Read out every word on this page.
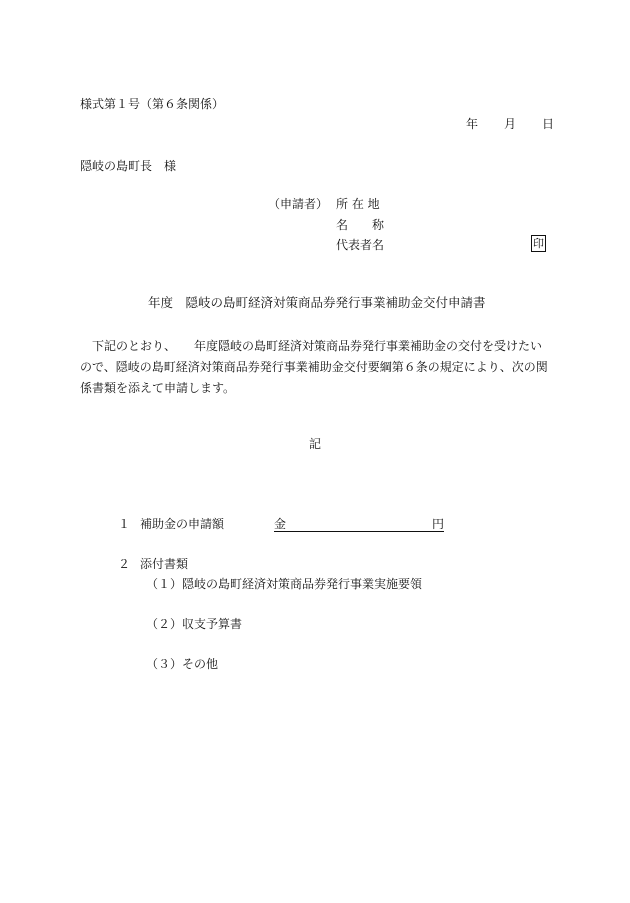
様式第１号（第６条関係）
年 月 日
隠岐の島町長　様
（申請者） 所 在 地
名　　称
代表者名	印
年度　隠岐の島町経済対策商品券発行事業補助金交付申請書
下記のとおり、　　年度隠岐の島町経済対策商品券発行事業補助金の交付を受けたい
ので、隠岐の島町経済対策商品券発行事業補助金交付要綱第６条の規定により、次の関
係書類を添えて申請します。
記
１ 補助金の申請額	金	円
２ 添付書類
（１）隠岐の島町経済対策商品券発行事業実施要領
（２）収支予算書
（３）その他
